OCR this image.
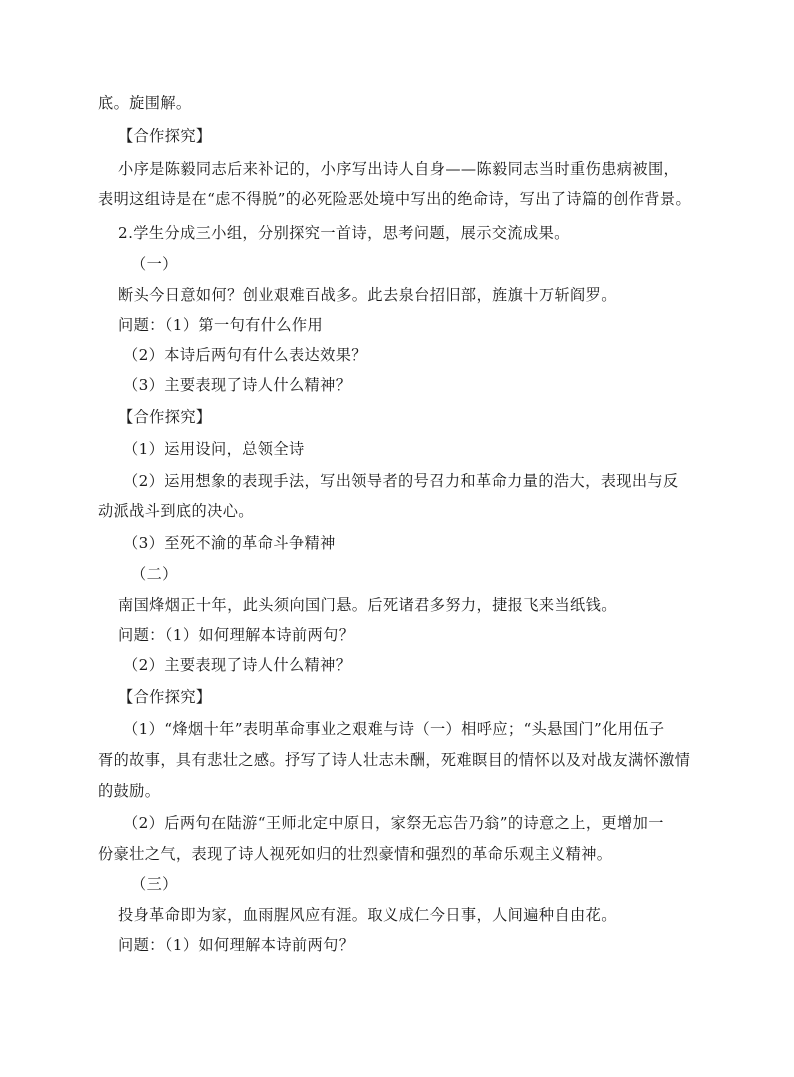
底。旋围解。
【合作探究】
小序是陈毅同志后来补记的，小序写出诗人自身——陈毅同志当时重伤患病被围，
表明这组诗是在“虑不得脱”的必死险恶处境中写出的绝命诗，写出了诗篇的创作背景。
2.学生分成三小组，分别探究一首诗，思考问题，展示交流成果。
（一）
断头今日意如何？创业艰难百战多。此去泉台招旧部，旌旗十万斩阎罗。
问题：（1）第一句有什么作用
（2）本诗后两句有什么表达效果？
（3）主要表现了诗人什么精神？
【合作探究】
（1）运用设问，总领全诗
（2）运用想象的表现手法，写出领导者的号召力和革命力量的浩大，表现出与反
动派战斗到底的决心。
（3）至死不渝的革命斗争精神
（二）
南国烽烟正十年，此头须向国门悬。后死诸君多努力，捷报飞来当纸钱。
问题：（1）如何理解本诗前两句？
（2）主要表现了诗人什么精神？
【合作探究】
（1）“烽烟十年”表明革命事业之艰难与诗（一）相呼应；“头悬国门”化用伍子
胥的故事，具有悲壮之感。抒写了诗人壮志未酬，死难瞑目的情怀以及对战友满怀激情
的鼓励。
（2）后两句在陆游“王师北定中原日，家祭无忘告乃翁”的诗意之上，更增加一
份豪壮之气，表现了诗人视死如归的壮烈豪情和强烈的革命乐观主义精神。
（三）
投身革命即为家，血雨腥风应有涯。取义成仁今日事，人间遍种自由花。
问题：（1）如何理解本诗前两句？
